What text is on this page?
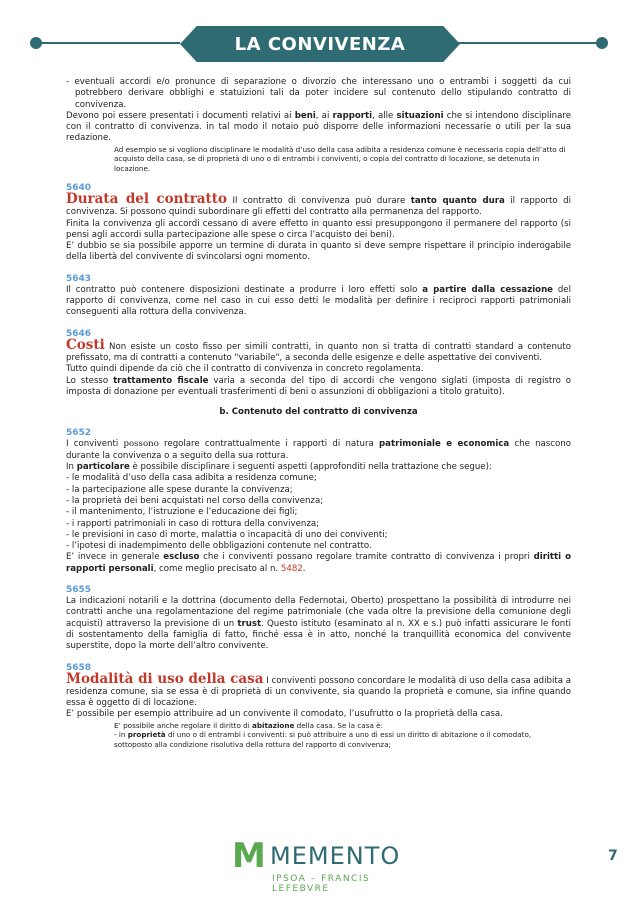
LA CONVIVENZA

- eventuali accordi e/o pronunce di separazione o divorzio che interessano uno o entrambi i soggetti da cui potrebbero derivare obblighi e statuizioni tali da poter incidere sul contenuto dello stipulando contratto di convivenza.

Devono poi essere presentati i documenti relativi ai beni, ai rapporti, alle situazioni che si intendono disciplinare con il contratto di convivenza. in tal modo il notaio può disporre delle informazioni necessarie o utili per la sua redazione.

Ad esempio se si vogliono disciplinare le modalità d’uso della casa adibita a residenza comune è necessaria copia dell’atto di acquisto della casa, se di proprietà di uno o di entrambi i conviventi, o copia del contratto di locazione, se detenuta in locazione.

5640

Durata del contratto Il contratto di convivenza può durare tanto quanto dura il rapporto di convivenza. Si possono quindi subordinare gli effetti del contratto alla permanenza del rapporto.

Finita la convivenza gli accordi cessano di avere effetto in quanto essi presuppongono il permanere del rapporto (si pensi agli accordi sulla partecipazione alle spese o circa l’acquisto dei beni).

E’ dubbio se sia possibile apporre un termine di durata in quanto si deve sempre rispettare il principio inderogabile della libertà del convivente di svincolarsi ogni momento.

5643

Il contratto può contenere disposizioni destinate a produrre i loro effetti solo a partire dalla cessazione del rapporto di convivenza, come nel caso in cui esso detti le modalità per definire i reciproci rapporti patrimoniali conseguenti alla rottura della convivenza.

5646

Costi Non esiste un costo fisso per simili contratti, in quanto non si tratta di contratti standard a contenuto prefissato, ma di contratti a contenuto "variabile", a seconda delle esigenze e delle aspettative dei conviventi.

Tutto quindi dipende da ciò che il contratto di convivenza in concreto regolamenta.

Lo stesso trattamento fiscale varia a seconda del tipo di accordi che vengono siglati (imposta di registro o imposta di donazione per eventuali trasferimenti di beni o assunzioni di obbligazioni a titolo gratuito).

b. Contenuto del contratto di convivenza

5652

I conviventi possono regolare contrattualmente i rapporti di natura patrimoniale e economica che nascono durante la convivenza o a seguito della sua rottura.

In particolare è possibile disciplinare i seguenti aspetti (approfonditi nella trattazione che segue):

- le modalità d’uso della casa adibita a residenza comune;

- la partecipazione alle spese durante la convivenza;

- la proprietà dei beni acquistati nel corso della convivenza;

- il mantenimento, l’istruzione e l’educazione dei figli;

- i rapporti patrimoniali in caso di rottura della convivenza;

- le previsioni in caso di morte, malattia o incapacità di uno dei conviventi;

- l’ipotesi di inadempimento delle obbligazioni contenute nel contratto.

E’ invece in generale escluso che i conviventi possano regolare tramite contratto di convivenza i propri diritti o rapporti personali, come meglio precisato al n. 5482.

5655

La indicazioni notarili e la dottrina (documento della Federnotai, Oberto) prospettano la possibilità di introdurre nei contratti anche una regolamentazione del regime patrimoniale (che vada oltre la previsione della comunione degli acquisti) attraverso la previsione di un trust. Questo istituto (esaminato al n. XX e s.) può infatti assicurare le fonti di sostentamento della famiglia di fatto, finché essa è in atto, nonché la tranquillità economica del convivente superstite, dopo la morte dell’altro convivente.

5658

Modalità di uso della casa I conviventi possono concordare le modalità di uso della casa adibita a residenza comune, sia se essa è di proprietà di un convivente, sia quando la proprietà e comune, sia infine quando essa è oggetto di di locazione.

E’ possibile per esempio attribuire ad un convivente il comodato, l’usufrutto o la proprietà della casa.

E’ possibile anche regolare il diritto di abitazione della casa. Se la casa è:

- in proprietà di uno o di entrambi i conviventi: si può attribuire a uno di essi un diritto di abitazione o il comodato, sottoposto alla condizione risolutiva della rottura del rapporto di convivenza;

M MEMENTO
IPSOA – FRANCIS LEFEBVRE
7
